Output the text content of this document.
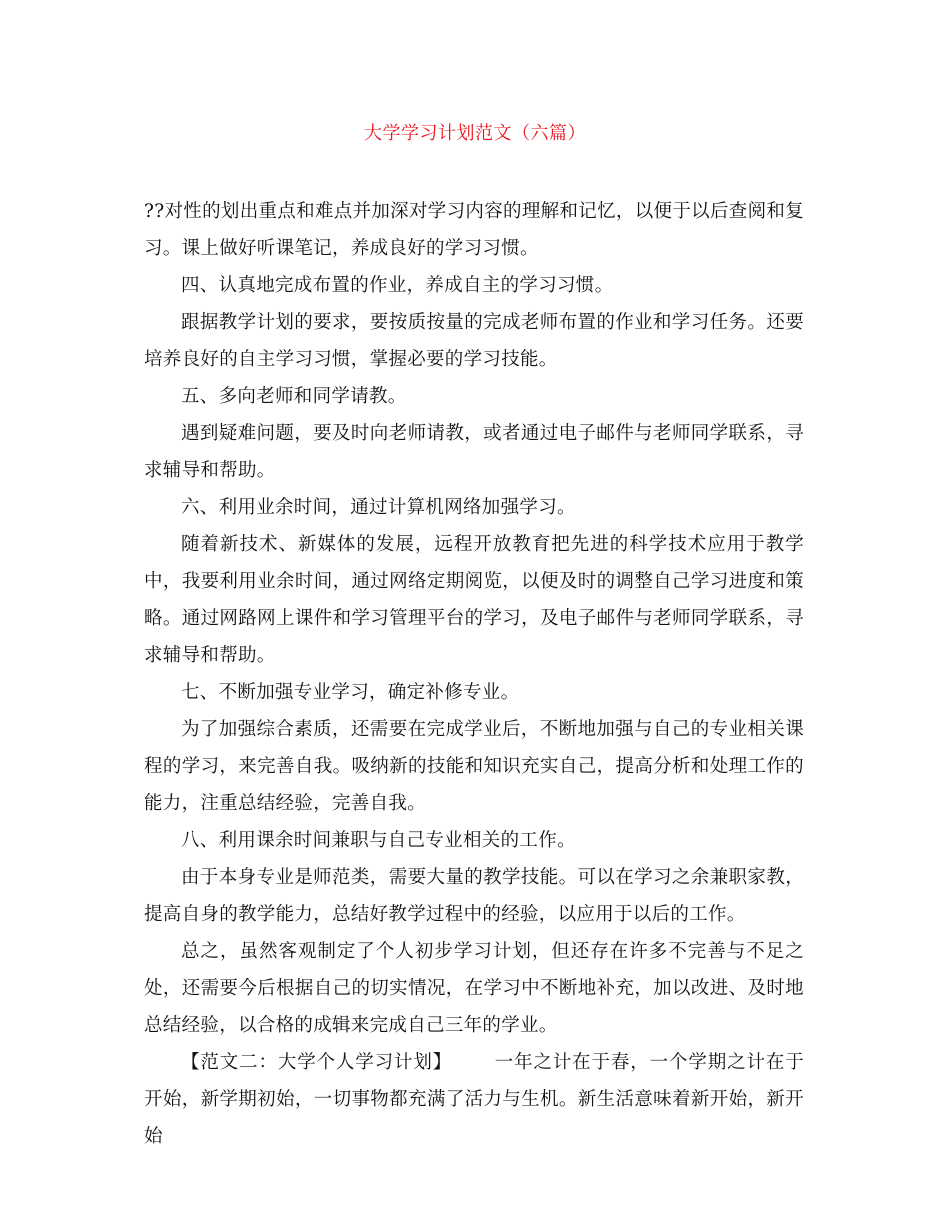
大学学习计划范文（六篇）

??对性的划出重点和难点并加深对学习内容的理解和记忆，以便于以后查阅和复习。课上做好听课笔记，养成良好的学习习惯。

四、认真地完成布置的作业，养成自主的学习习惯。

跟据教学计划的要求，要按质按量的完成老师布置的作业和学习任务。还要培养良好的自主学习习惯，掌握必要的学习技能。

五、多向老师和同学请教。

遇到疑难问题，要及时向老师请教，或者通过电子邮件与老师同学联系，寻求辅导和帮助。

六、利用业余时间，通过计算机网络加强学习。

随着新技术、新媒体的发展，远程开放教育把先进的科学技术应用于教学中，我要利用业余时间，通过网络定期阅览，以便及时的调整自己学习进度和策略。通过网路网上课件和学习管理平台的学习，及电子邮件与老师同学联系，寻求辅导和帮助。

七、不断加强专业学习，确定补修专业。

为了加强综合素质，还需要在完成学业后，不断地加强与自己的专业相关课程的学习，来完善自我。吸纳新的技能和知识充实自己，提高分析和处理工作的能力，注重总结经验，完善自我。

八、利用课余时间兼职与自己专业相关的工作。

由于本身专业是师范类，需要大量的教学技能。可以在学习之余兼职家教，提高自身的教学能力，总结好教学过程中的经验，以应用于以后的工作。

总之，虽然客观制定了个人初步学习计划，但还存在许多不完善与不足之处，还需要今后根据自己的切实情况，在学习中不断地补充，加以改进、及时地总结经验，以合格的成辑来完成自己三年的学业。

【范文二：大学个人学习计划】 一年之计在于春，一个学期之计在于开始，新学期初始，一切事物都充满了活力与生机。新生活意味着新开始，新开始
